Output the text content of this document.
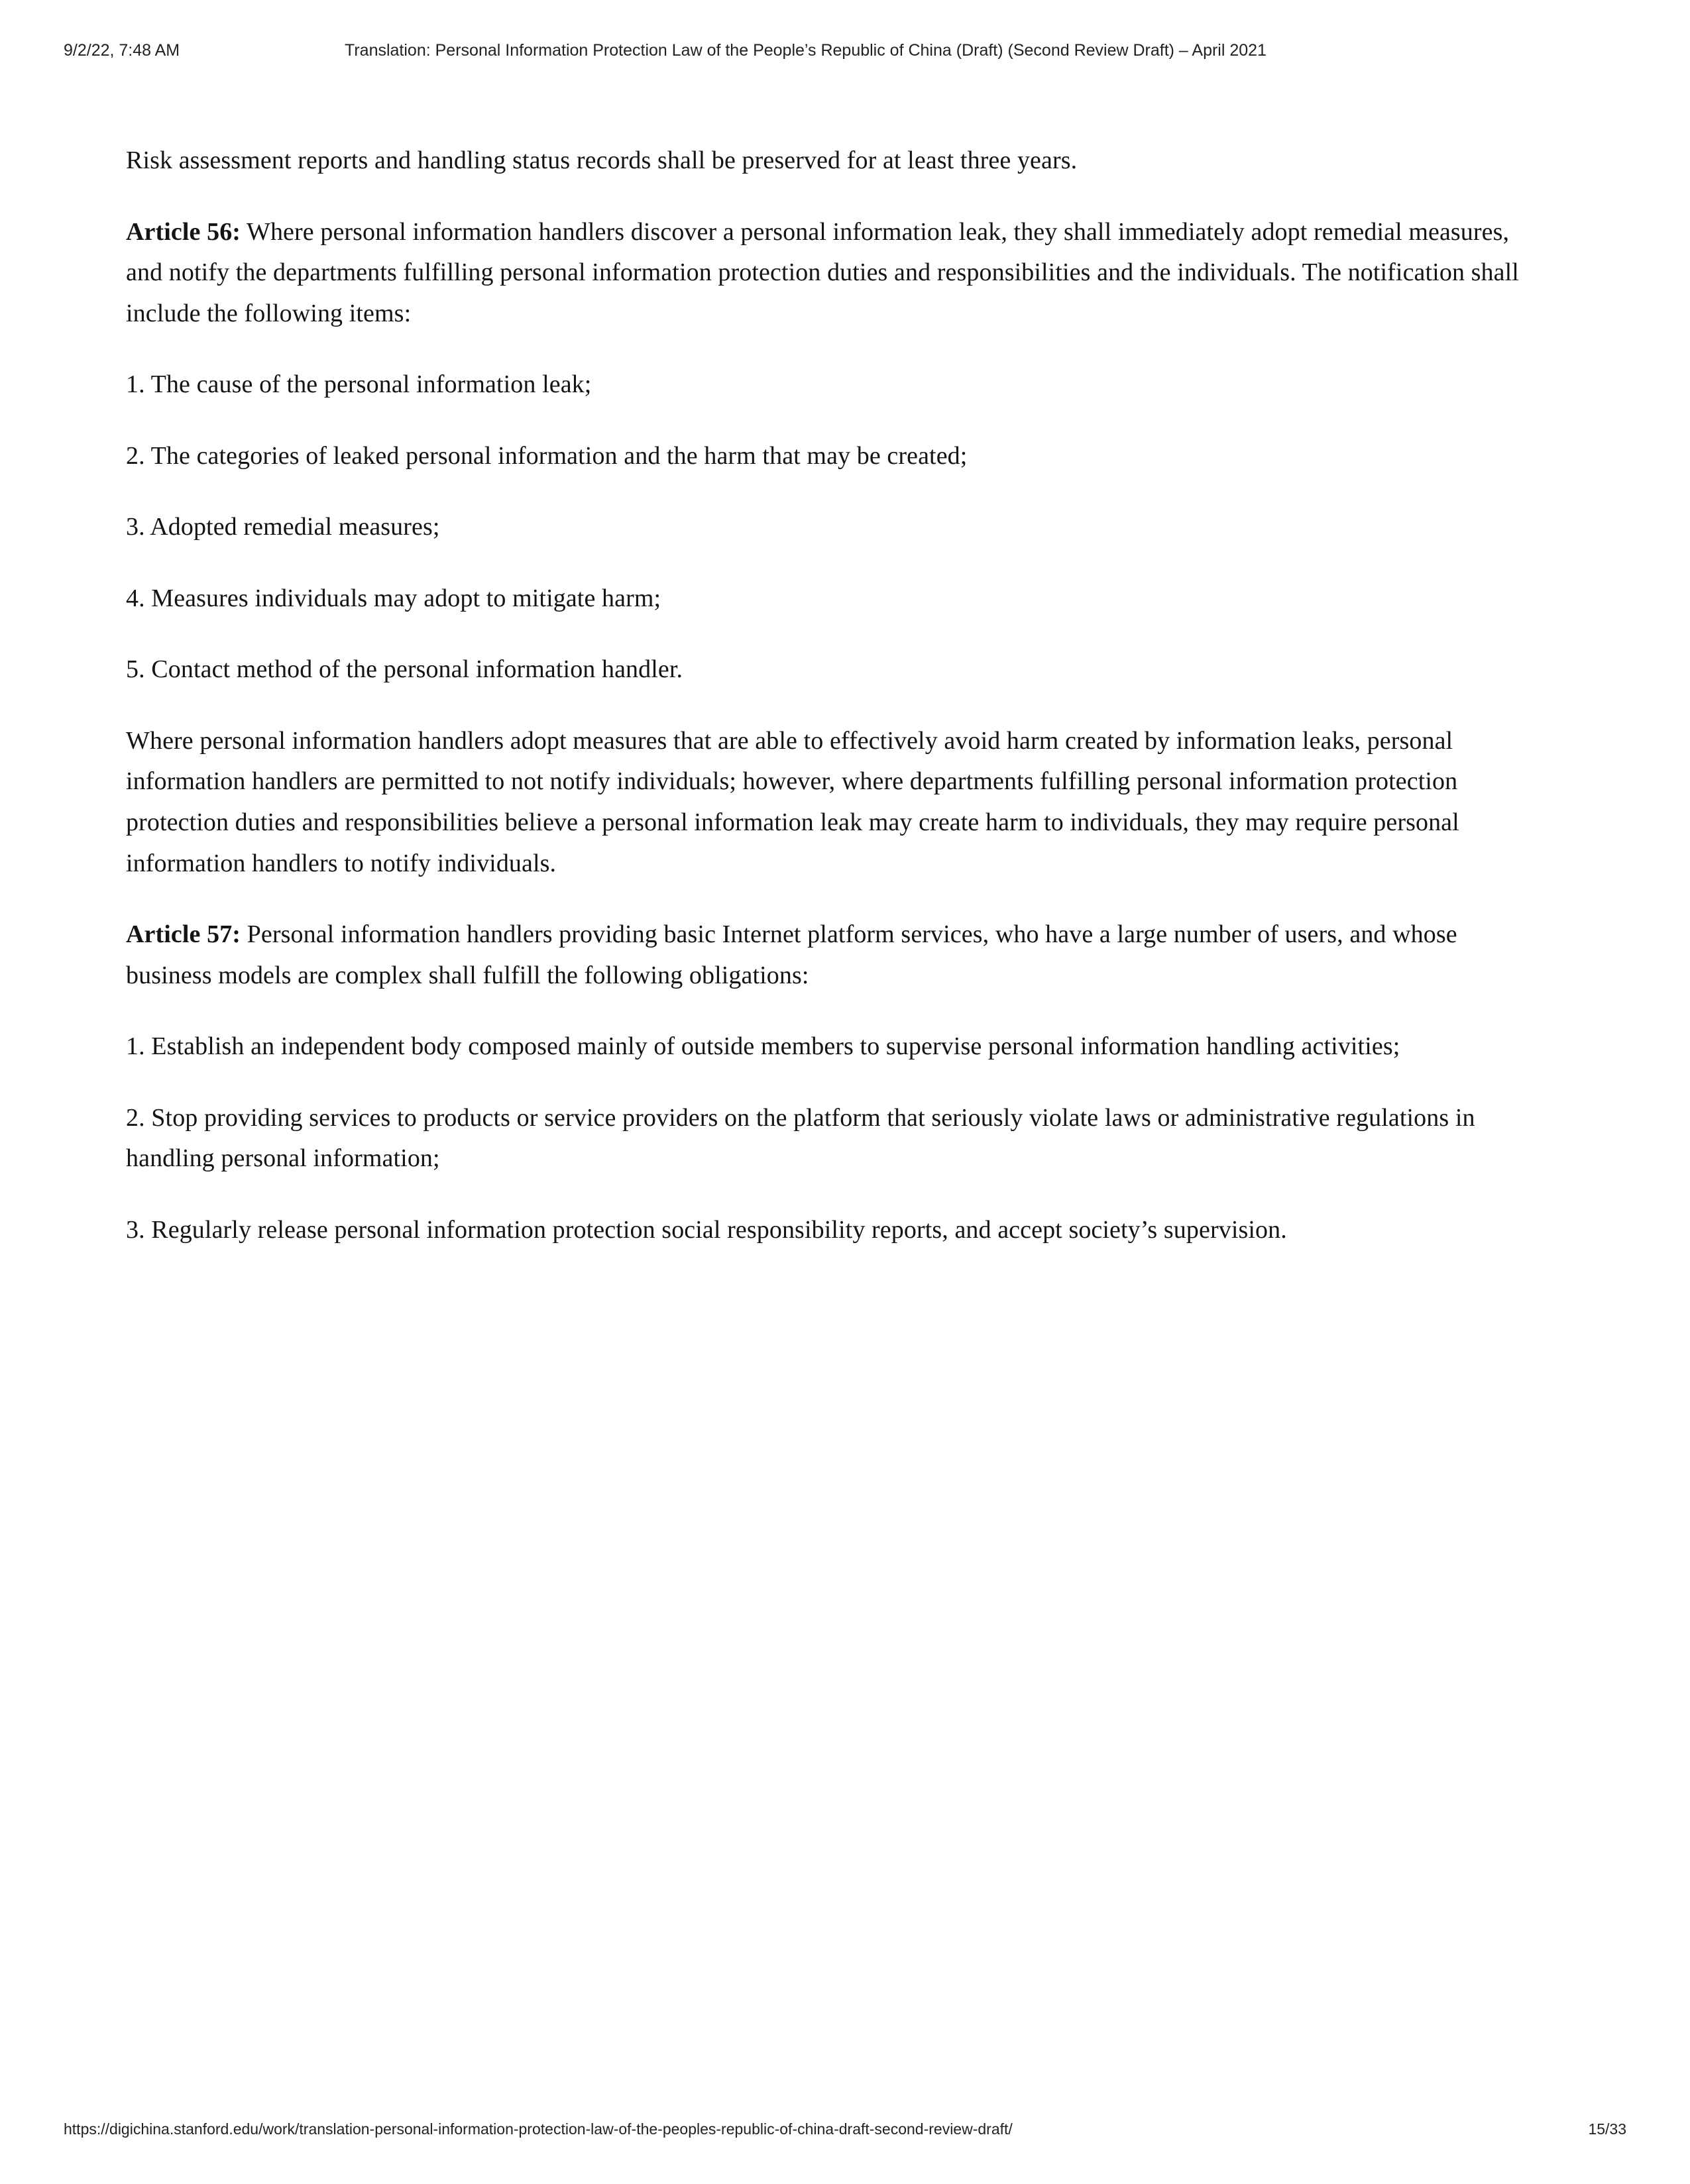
9/2/22, 7:48 AM	Translation: Personal Information Protection Law of the People’s Republic of China (Draft) (Second Review Draft) – April 2021

Risk assessment reports and handling status records shall be preserved for at least three years.

Article 56: Where personal information handlers discover a personal information leak, they shall immediately adopt remedial measures, and notify the departments fulfilling personal information protection duties and responsibilities and the individuals. The notification shall include the following items:

1. The cause of the personal information leak;

2. The categories of leaked personal information and the harm that may be created;

3. Adopted remedial measures;

4. Measures individuals may adopt to mitigate harm;

5. Contact method of the personal information handler.

Where personal information handlers adopt measures that are able to effectively avoid harm created by information leaks, personal information handlers are permitted to not notify individuals; however, where departments fulfilling personal information protection protection duties and responsibilities believe a personal information leak may create harm to individuals, they may require personal information handlers to notify individuals.

Article 57: Personal information handlers providing basic Internet platform services, who have a large number of users, and whose business models are complex shall fulfill the following obligations:

1. Establish an independent body composed mainly of outside members to supervise personal information handling activities;

2. Stop providing services to products or service providers on the platform that seriously violate laws or administrative regulations in handling personal information;

3. Regularly release personal information protection social responsibility reports, and accept society’s supervision.

https://digichina.stanford.edu/work/translation-personal-information-protection-law-of-the-peoples-republic-of-china-draft-second-review-draft/	15/33
